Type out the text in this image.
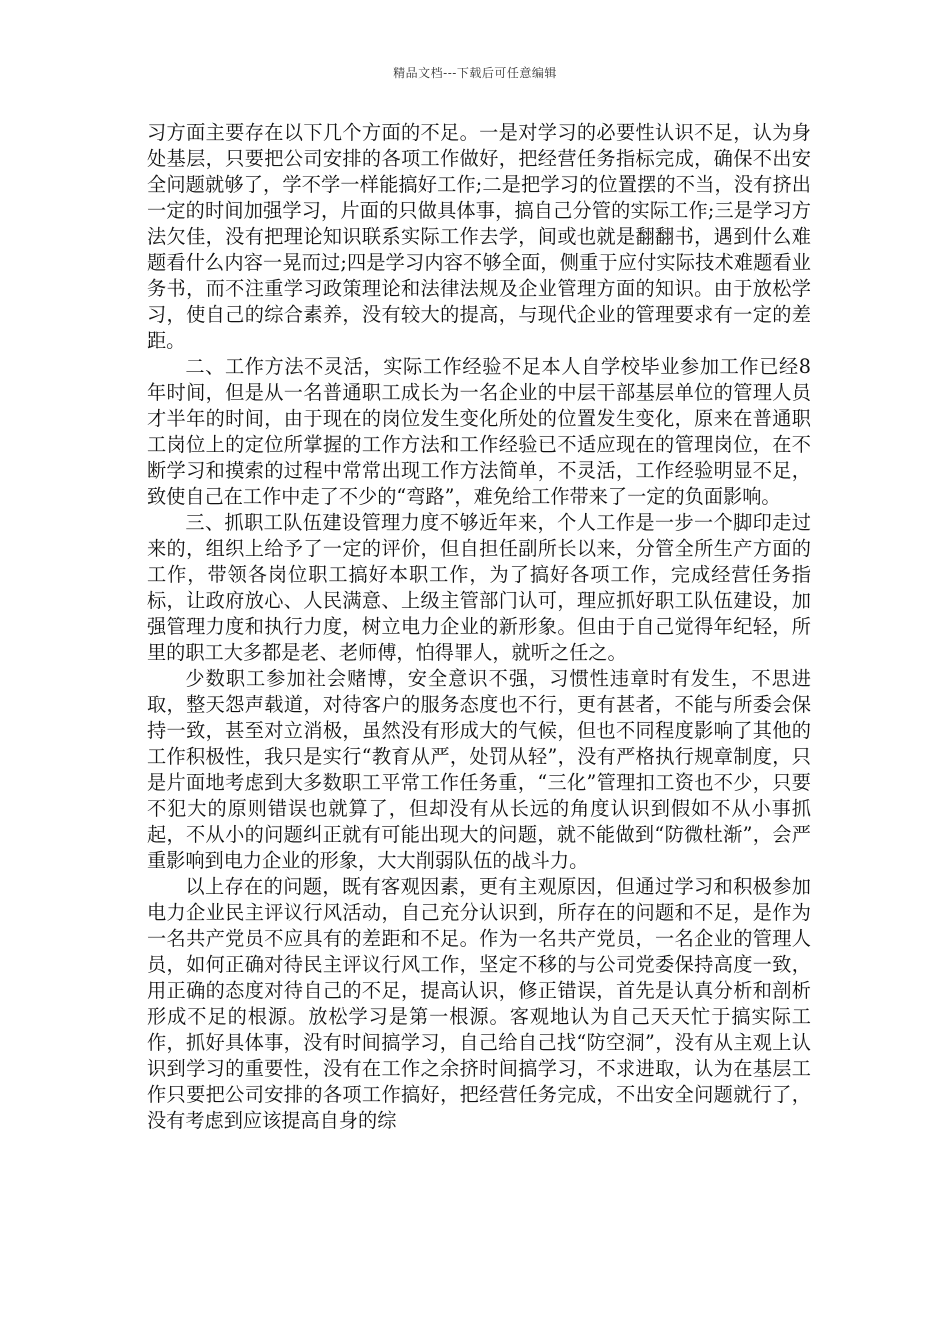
精品文档---下载后可任意编辑

习方面主要存在以下几个方面的不足。一是对学习的必要性认识不足，认为身处基层，只要把公司安排的各项工作做好，把经营任务指标完成，确保不出安全问题就够了，学不学一样能搞好工作;二是把学习的位置摆的不当，没有挤出一定的时间加强学习，片面的只做具体事，搞自己分管的实际工作;三是学习方法欠佳，没有把理论知识联系实际工作去学，间或也就是翻翻书，遇到什么难题看什么内容一晃而过;四是学习内容不够全面，侧重于应付实际技术难题看业务书，而不注重学习政策理论和法律法规及企业管理方面的知识。由于放松学习，使自己的综合素养，没有较大的提高，与现代企业的管理要求有一定的差距。

二、工作方法不灵活，实际工作经验不足本人自学校毕业参加工作已经8年时间，但是从一名普通职工成长为一名企业的中层干部基层单位的管理人员才半年的时间，由于现在的岗位发生变化所处的位置发生变化，原来在普通职工岗位上的定位所掌握的工作方法和工作经验已不适应现在的管理岗位，在不断学习和摸索的过程中常常出现工作方法简单，不灵活，工作经验明显不足，致使自己在工作中走了不少的“弯路”，难免给工作带来了一定的负面影响。

三、抓职工队伍建设管理力度不够近年来，个人工作是一步一个脚印走过来的，组织上给予了一定的评价，但自担任副所长以来，分管全所生产方面的工作，带领各岗位职工搞好本职工作，为了搞好各项工作，完成经营任务指标，让政府放心、人民满意、上级主管部门认可，理应抓好职工队伍建设，加强管理力度和执行力度，树立电力企业的新形象。但由于自己觉得年纪轻，所里的职工大多都是老、老师傅，怕得罪人，就听之任之。

少数职工参加社会赌博，安全意识不强，习惯性违章时有发生，不思进取，整天怨声载道，对待客户的服务态度也不行，更有甚者，不能与所委会保持一致，甚至对立消极，虽然没有形成大的气候，但也不同程度影响了其他的工作积极性，我只是实行“教育从严，处罚从轻”，没有严格执行规章制度，只是片面地考虑到大多数职工平常工作任务重，“三化”管理扣工资也不少，只要不犯大的原则错误也就算了，但却没有从长远的角度认识到假如不从小事抓起，不从小的问题纠正就有可能出现大的问题，就不能做到“防微杜渐”，会严重影响到电力企业的形象，大大削弱队伍的战斗力。

以上存在的问题，既有客观因素，更有主观原因，但通过学习和积极参加电力企业民主评议行风活动，自己充分认识到，所存在的问题和不足，是作为一名共产党员不应具有的差距和不足。作为一名共产党员，一名企业的管理人员，如何正确对待民主评议行风工作，坚定不移的与公司党委保持高度一致，用正确的态度对待自己的不足，提高认识，修正错误，首先是认真分析和剖析形成不足的根源。放松学习是第一根源。客观地认为自己天天忙于搞实际工作，抓好具体事，没有时间搞学习，自己给自己找“防空洞”，没有从主观上认识到学习的重要性，没有在工作之余挤时间搞学习，不求进取，认为在基层工作只要把公司安排的各项工作搞好，把经营任务完成，不出安全问题就行了，没有考虑到应该提高自身的综
